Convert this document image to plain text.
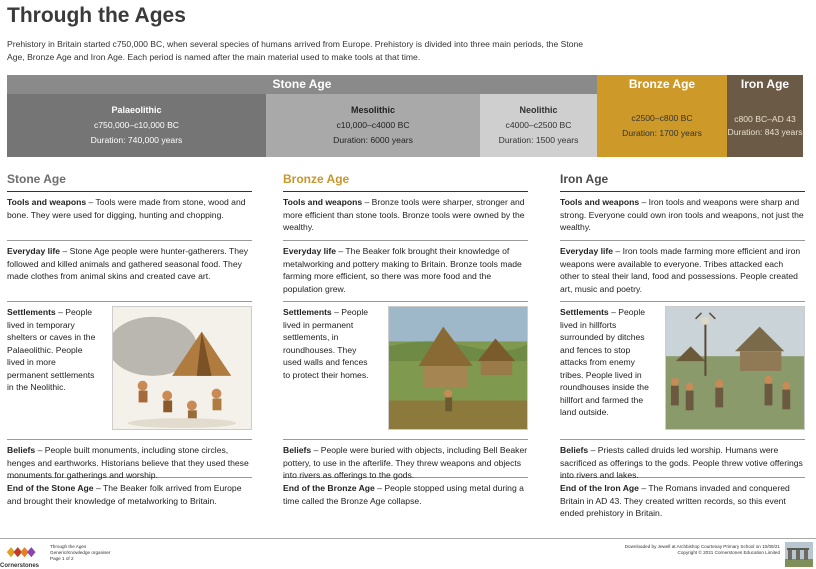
Through the Ages
Prehistory in Britain started c750,000 BC, when several species of humans arrived from Europe. Prehistory is divided into three main periods, the Stone Age, Bronze Age and Iron Age. Each period is named after the main material used to make tools at that time.
Stone Age	Bronze Age	Iron Age
Palaeolithic
c750,000–c10,000 BC
Duration: 740,000 years
Mesolithic
c10,000–c4000 BC
Duration: 6000 years
Neolithic
c4000–c2500 BC
Duration: 1500 years
c2500–c800 BC
Duration: 1700 years
c800 BC–AD 43
Duration: 843 years
Stone Age
Tools and weapons – Tools were made from stone, wood and bone. They were used for digging, hunting and chopping.
Everyday life – Stone Age people were hunter-gatherers. They followed and killed animals and gathered seasonal food. They made clothes from animal skins and created cave art.
Settlements – People lived in temporary shelters or caves in the Palaeolithic. People lived in more permanent settlements in the Neolithic.
Beliefs – People built monuments, including stone circles, henges and earthworks. Historians believe that they used these monuments for gatherings and worship.
End of the Stone Age – The Beaker folk arrived from Europe and brought their knowledge of metalworking to Britain.
Bronze Age
Tools and weapons – Bronze tools were sharper, stronger and more efficient than stone tools. Bronze tools were owned by the wealthy.
Everyday life – The Beaker folk brought their knowledge of metalworking and pottery making to Britain. Bronze tools made farming more efficient, so there was more food and the population grew.
Settlements – People lived in permanent settlements, in roundhouses. They used walls and fences to protect their homes.
Beliefs – People were buried with objects, including Bell Beaker pottery, to use in the afterlife. They threw weapons and objects into rivers as offerings to the gods.
End of the Bronze Age – People stopped using metal during a time called the Bronze Age collapse.
Iron Age
Tools and weapons – Iron tools and weapons were sharp and strong. Everyone could own iron tools and weapons, not just the wealthy.
Everyday life – Iron tools made farming more efficient and iron weapons were available to everyone. Tribes attacked each other to steal their land, food and possessions. People created art, music and poetry.
Settlements – People lived in hillforts surrounded by ditches and fences to stop attacks from enemy tribes. People lived in roundhouses inside the hillfort and farmed the land outside.
Beliefs – Priests called druids led worship. Humans were sacrificed as offerings to the gods. People threw votive offerings into rivers and lakes.
End of the Iron Age – The Romans invaded and conquered Britain in AD 43. They created written records, so this event ended prehistory in Britain.
Cornerstones
Through the Ages
Generic/Knowledge organiser
Page 1 of 2
Downloaded by Jewell at Archbishop Courtenay Primary School on 10/09/21
Copyright © 2021 Cornerstones Education Limited
